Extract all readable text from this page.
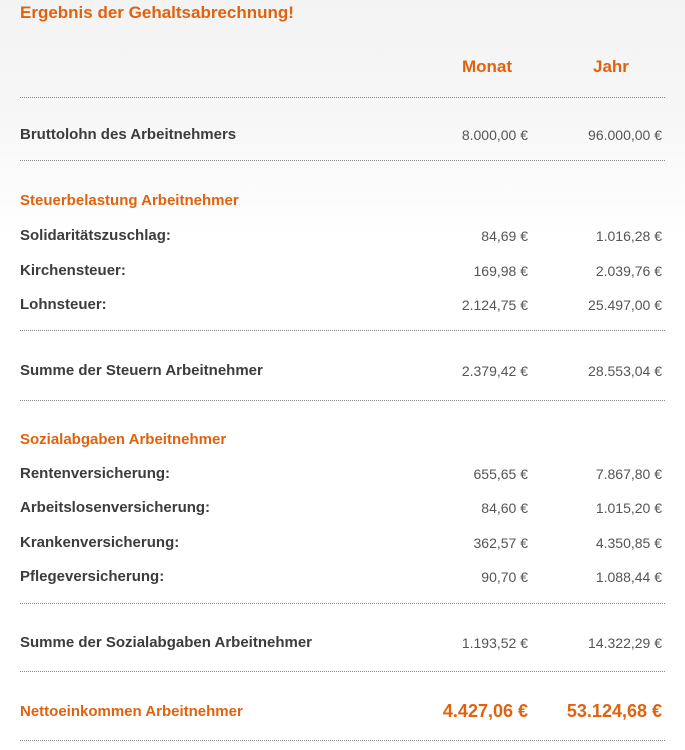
Ergebnis der Gehaltsabrechnung!
Monat	Jahr
Bruttolohn des Arbeitnehmers	8.000,00 €	96.000,00 €
Steuerbelastung Arbeitnehmer
Solidaritätszuschlag:	84,69 €	1.016,28 €
Kirchensteuer:	169,98 €	2.039,76 €
Lohnsteuer:	2.124,75 €	25.497,00 €
Summe der Steuern Arbeitnehmer	2.379,42 €	28.553,04 €
Sozialabgaben Arbeitnehmer
Rentenversicherung:	655,65 €	7.867,80 €
Arbeitslosenversicherung:	84,60 €	1.015,20 €
Krankenversicherung:	362,57 €	4.350,85 €
Pflegeversicherung:	90,70 €	1.088,44 €
Summe der Sozialabgaben Arbeitnehmer	1.193,52 €	14.322,29 €
Nettoeinkommen Arbeitnehmer	4.427,06 € 53.124,68 €
